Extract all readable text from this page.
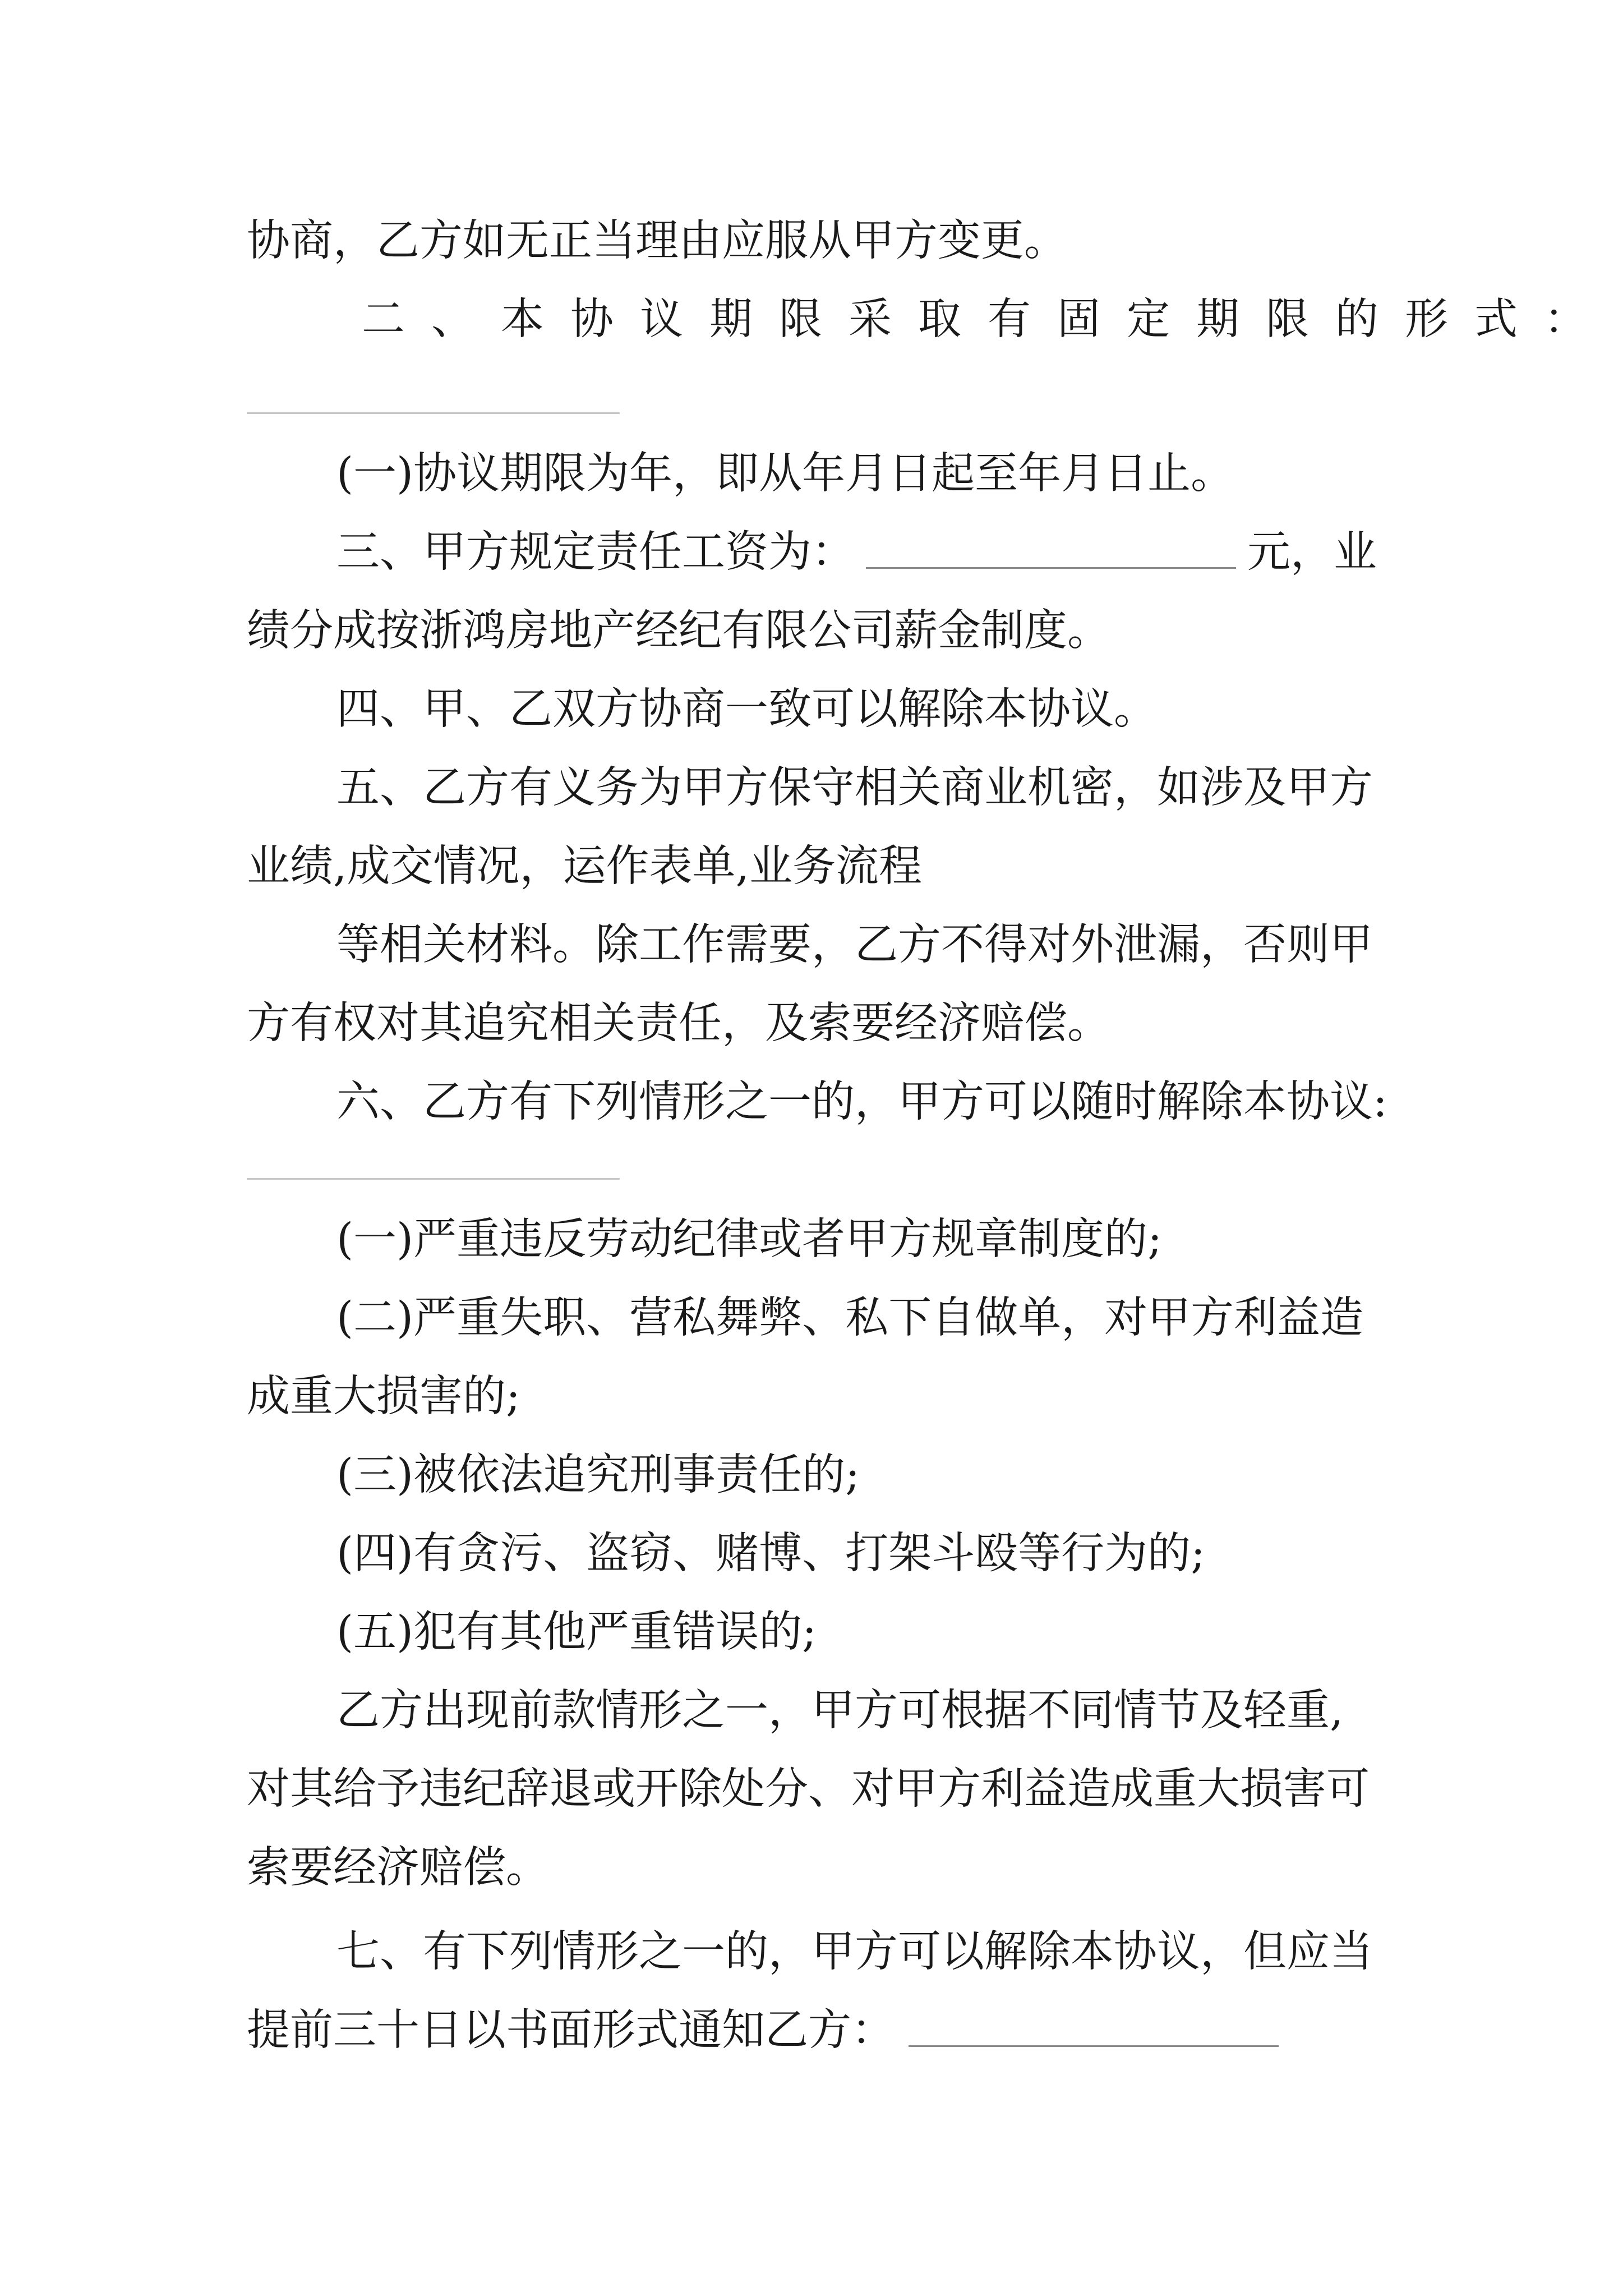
协商，乙方如无正当理由应服从甲方变更。
二、本协议期限采取有固定期限的形式：
(一)协议期限为年，即从年月日起至年月日止。
三、甲方规定责任工资为：	元，业
绩分成按浙鸿房地产经纪有限公司薪金制度。
四、甲、乙双方协商一致可以解除本协议。
五、乙方有义务为甲方保守相关商业机密，如涉及甲方
业绩,成交情况，运作表单,业务流程
等相关材料。除工作需要，乙方不得对外泄漏，否则甲
方有权对其追究相关责任，及索要经济赔偿。
六、乙方有下列情形之一的，甲方可以随时解除本协议:
(一)严重违反劳动纪律或者甲方规章制度的;
(二)严重失职、营私舞弊、私下自做单，对甲方利益造
成重大损害的;
(三)被依法追究刑事责任的;
(四)有贪污、盗窃、赌博、打架斗殴等行为的;
(五)犯有其他严重错误的;
乙方出现前款情形之一，甲方可根据不同情节及轻重,
对其给予违纪辞退或开除处分、对甲方利益造成重大损害可
索要经济赔偿。
七、有下列情形之一的，甲方可以解除本协议，但应当
提前三十日以书面形式通知乙方：
